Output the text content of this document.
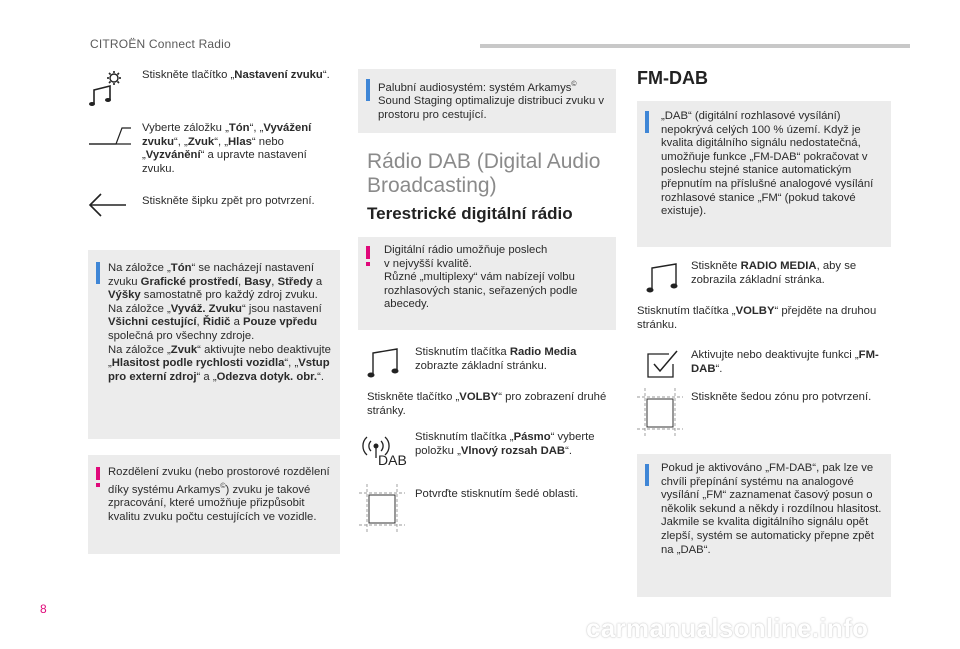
CITROËN Connect Radio
Stiskněte tlačítko „Nastavení zvuku“.
Vyberte záložku „Tón“, „Vyvážení zvuku“, „Zvuk“, „Hlas“ nebo „Vyzvánění“ a upravte nastavení zvuku.
Stiskněte šipku zpět pro potvrzení.
Na záložce „Tón“ se nacházejí nastavení zvuku Grafické prostředí, Basy, Středy a Výšky samostatně pro každý zdroj zvuku.
Na záložce „Vyváž. Zvuku“ jsou nastavení Všichni cestující, Řidič a Pouze vpředu společná pro všechny zdroje.
Na záložce „Zvuk“ aktivujte nebo deaktivujte „Hlasitost podle rychlosti vozidla“, „Vstup pro externí zdroj“ a „Odezva dotyk. obr.“.
Rozdělení zvuku (nebo prostorové rozdělení díky systému Arkamys©) zvuku je takové zpracování, které umožňuje přizpůsobit kvalitu zvuku počtu cestujících ve vozidle.
Palubní audiosystém: systém Arkamys© Sound Staging optimalizuje distribuci zvuku v prostoru pro cestující.
Rádio DAB (Digital Audio Broadcasting)
Terestrické digitální rádio
Digitální rádio umožňuje poslech
v nejvyšší kvalitě.
Různé „multiplexy“ vám nabízejí volbu rozhlasových stanic, seřazených podle abecedy.
Stisknutím tlačítka Radio Media zobrazte základní stránku.
Stiskněte tlačítko „VOLBY“ pro zobrazení druhé stránky.
DAB
Stisknutím tlačítka „Pásmo“ vyberte položku „Vlnový rozsah DAB“.
Potvrďte stisknutím šedé oblasti.
FM-DAB
„DAB“ (digitální rozhlasové vysílání) nepokrývá celých 100 % území. Když je kvalita digitálního signálu nedostatečná, umožňuje funkce „FM-DAB“ pokračovat v poslechu stejné stanice automatickým přepnutím na příslušné analogové vysílání rozhlasové stanice „FM“ (pokud takové existuje).
Stiskněte RADIO MEDIA, aby se zobrazila základní stránka.
Stisknutím tlačítka „VOLBY“ přejděte na druhou stránku.
Aktivujte nebo deaktivujte funkci „FM-DAB“.
Stiskněte šedou zónu pro potvrzení.
Pokud je aktivováno „FM-DAB“, pak lze ve chvíli přepínání systému na analogové vysílání „FM“ zaznamenat časový posun o několik sekund a někdy i rozdílnou hlasitost.
Jakmile se kvalita digitálního signálu opět zlepší, systém se automaticky přepne zpět na „DAB“.
8
carmanualsonline.info
